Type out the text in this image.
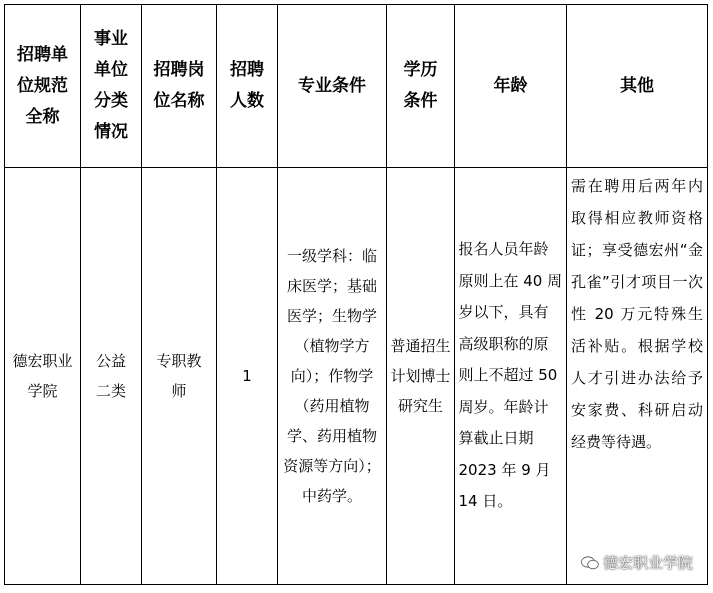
招聘单位规范全称	事业单位分类情况	招聘岗位名称	招聘人数	专业条件	学历条件	年龄	其他
德宏职业学院	公益二类	专职教师	1	一级学科：临床医学；基础医学；生物学（植物学方向）；作物学（药用植物学、药用植物资源等方向）；中药学。	普通招生计划博士研究生	报名人员年龄原则上在 40 周岁以下，具有高级职称的原则上不超过 50 周岁。年龄计算截止日期 2023 年 9 月 14 日。	需在聘用后两年内取得相应教师资格证；享受德宏州“金孔雀”引才项目一次性 20 万元特殊生活补贴。根据学校人才引进办法给予安家费、科研启动经费等待遇。
德宏职业学院
